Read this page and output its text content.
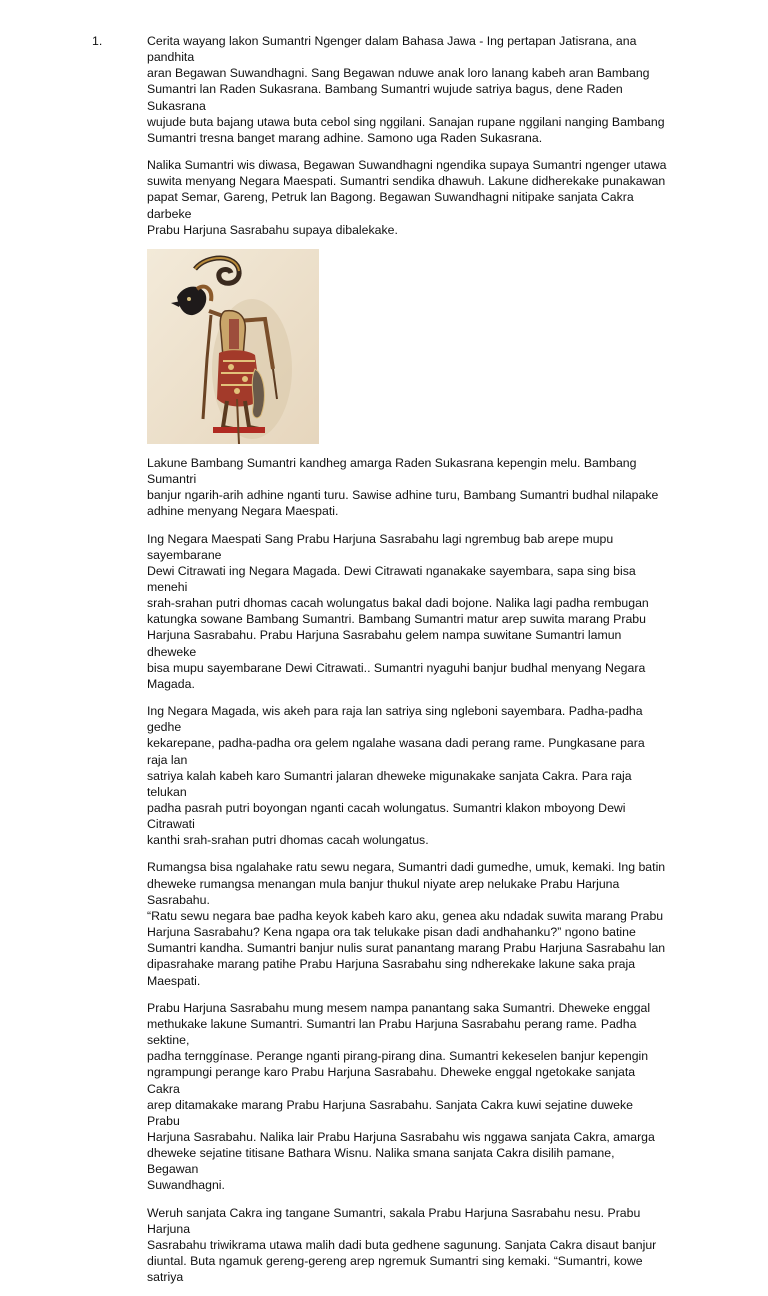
1.	Cerita wayang lakon Sumantri Ngenger dalam Bahasa Jawa - Ing pertapan Jatisrana, ana pandhita
aran Begawan Suwandhagni. Sang Begawan nduwe anak loro lanang kabeh aran Bambang
Sumantri lan Raden Sukasrana. Bambang Sumantri wujude satriya bagus, dene Raden Sukasrana
wujude buta bajang utawa buta cebol sing nggilani. Sanajan rupane nggilani nanging Bambang
Sumantri tresna banget marang adhine. Samono uga Raden Sukasrana.

Nalika Sumantri wis diwasa, Begawan Suwandhagni ngendika supaya Sumantri ngenger utawa
suwita menyang Negara Maespati. Sumantri sendika dhawuh. Lakune didherekake punakawan
papat Semar, Gareng, Petruk lan Bagong. Begawan Suwandhagni nitipake sanjata Cakra darbeke
Prabu Harjuna Sasrabahu supaya dibalekake.

Lakune Bambang Sumantri kandheg amarga Raden Sukasrana kepengin melu. Bambang Sumantri
banjur ngarih-arih adhine nganti turu. Sawise adhine turu, Bambang Sumantri budhal nilapake
adhine menyang Negara Maespati.

Ing Negara Maespati Sang Prabu Harjuna Sasrabahu lagi ngrembug bab arepe mupu sayembarane
Dewi Citrawati ing Negara Magada. Dewi Citrawati nganakake sayembara, sapa sing bisa menehi
srah-srahan putri dhomas cacah wolungatus bakal dadi bojone. Nalika lagi padha rembugan
katungka sowane Bambang Sumantri. Bambang Sumantri matur arep suwita marang Prabu
Harjuna Sasrabahu. Prabu Harjuna Sasrabahu gelem nampa suwitane Sumantri lamun dheweke
bisa mupu sayembarane Dewi Citrawati.. Sumantri nyaguhi banjur budhal menyang Negara
Magada.

Ing Negara Magada, wis akeh para raja lan satriya sing ngleboni sayembara. Padha-padha gedhe
kekarepane, padha-padha ora gelem ngalahe wasana dadi perang rame. Pungkasane para raja lan
satriya kalah kabeh karo Sumantri jalaran dheweke migunakake sanjata Cakra. Para raja telukan
padha pasrah putri boyongan nganti cacah wolungatus. Sumantri klakon mboyong Dewi Citrawati
kanthi srah-srahan putri dhomas cacah wolungatus.

Rumangsa bisa ngalahake ratu sewu negara, Sumantri dadi gumedhe, umuk, kemaki. Ing batin
dheweke rumangsa menangan mula banjur thukul niyate arep nelukake Prabu Harjuna Sasrabahu.
“Ratu sewu negara bae padha keyok kabeh karo aku, genea aku ndadak suwita marang Prabu
Harjuna Sasrabahu? Kena ngapa ora tak telukake pisan dadi andhahanku?” ngono batine
Sumantri kandha. Sumantri banjur nulis surat panantang marang Prabu Harjuna Sasrabahu lan
dipasrahake marang patihe Prabu Harjuna Sasrabahu sing ndherekake lakune saka praja
Maespati.

Prabu Harjuna Sasrabahu mung mesem nampa panantang saka Sumantri. Dheweke enggal
methukake lakune Sumantri. Sumantri lan Prabu Harjuna Sasrabahu perang rame. Padha sektine,
padha ternggínase. Perange nganti pirang-pirang dina. Sumantri kekeselen banjur kepengin
ngrampungi perange karo Prabu Harjuna Sasrabahu. Dheweke enggal ngetokake sanjata Cakra
arep ditamakake marang Prabu Harjuna Sasrabahu. Sanjata Cakra kuwi sejatine duweke Prabu
Harjuna Sasrabahu. Nalika lair Prabu Harjuna Sasrabahu wis nggawa sanjata Cakra, amarga
dheweke sejatine titisane Bathara Wisnu. Nalika smana sanjata Cakra disilih pamane, Begawan
Suwandhagni.

Weruh sanjata Cakra ing tangane Sumantri, sakala Prabu Harjuna Sasrabahu nesu. Prabu Harjuna
Sasrabahu triwikrama utawa malih dadi buta gedhene sagunung. Sanjata Cakra disaut banjur
diuntal. Buta ngamuk gereng-gereng arep ngremuk Sumantri sing kemaki. “Sumantri, kowe satriya
